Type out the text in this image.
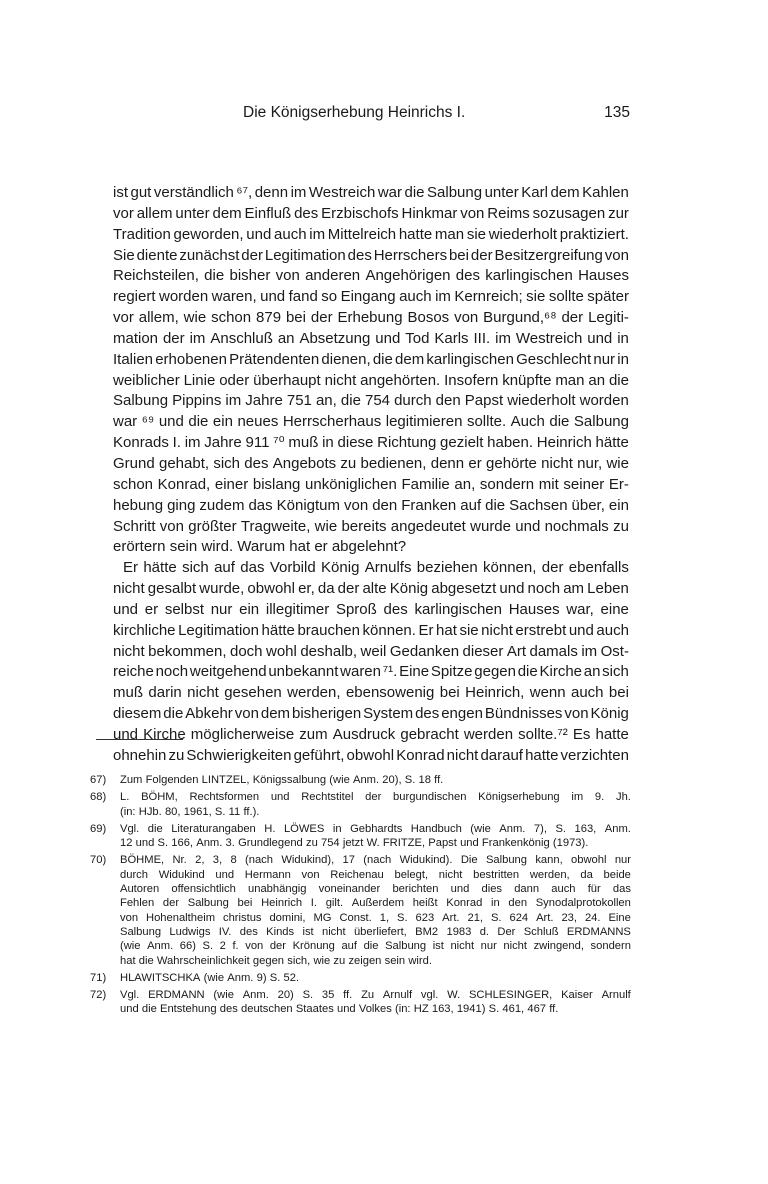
Die Königserhebung Heinrichs I.	135
ist gut verständlich ⁶⁷, denn im Westreich war die Salbung unter Karl dem Kahlen
vor allem unter dem Einfluß des Erzbischofs Hinkmar von Reims sozusagen zur
Tradition geworden, und auch im Mittelreich hatte man sie wiederholt praktiziert.
Sie diente zunächst der Legitimation des Herrschers bei der Besitzergreifung von
Reichsteilen, die bisher von anderen Angehörigen des karlingischen Hauses
regiert worden waren, und fand so Eingang auch im Kernreich; sie sollte später
vor allem, wie schon 879 bei der Erhebung Bosos von Burgund,⁶⁸ der Legiti-
mation der im Anschluß an Absetzung und Tod Karls III. im Westreich und in
Italien erhobenen Prätendenten dienen, die dem karlingischen Geschlecht nur in
weiblicher Linie oder überhaupt nicht angehörten. Insofern knüpfte man an die
Salbung Pippins im Jahre 751 an, die 754 durch den Papst wiederholt worden
war ⁶⁹ und die ein neues Herrscherhaus legitimieren sollte. Auch die Salbung
Konrads I. im Jahre 911 ⁷⁰ muß in diese Richtung gezielt haben. Heinrich hätte
Grund gehabt, sich des Angebots zu bedienen, denn er gehörte nicht nur, wie
schon Konrad, einer bislang unköniglichen Familie an, sondern mit seiner Er-
hebung ging zudem das Königtum von den Franken auf die Sachsen über, ein
Schritt von größter Tragweite, wie bereits angedeutet wurde und nochmals zu
erörtern sein wird. Warum hat er abgelehnt?
Er hätte sich auf das Vorbild König Arnulfs beziehen können, der ebenfalls
nicht gesalbt wurde, obwohl er, da der alte König abgesetzt und noch am Leben
und er selbst nur ein illegitimer Sproß des karlingischen Hauses war, eine
kirchliche Legitimation hätte brauchen können. Er hat sie nicht erstrebt und auch
nicht bekommen, doch wohl deshalb, weil Gedanken dieser Art damals im Ost-
reiche noch weitgehend unbekannt waren ⁷¹. Eine Spitze gegen die Kirche an sich
muß darin nicht gesehen werden, ebensowenig bei Heinrich, wenn auch bei
diesem die Abkehr von dem bisherigen System des engen Bündnisses von König
und Kirche möglicherweise zum Ausdruck gebracht werden sollte.⁷² Es hatte
ohnehin zu Schwierigkeiten geführt, obwohl Konrad nicht darauf hatte verzichten
67)	Zum Folgenden LINTZEL, Königssalbung (wie Anm. 20), S. 18 ff.
68)	L. BÖHM, Rechtsformen und Rechtstitel der burgundischen Königserhebung im 9. Jh.
(in: HJb. 80, 1961, S. 11 ff.).
69)	Vgl. die Literaturangaben H. LÖWES in Gebhardts Handbuch (wie Anm. 7), S. 163, Anm.
12 und S. 166, Anm. 3. Grundlegend zu 754 jetzt W. FRITZE, Papst und Frankenkönig (1973).
70)	BÖHME, Nr. 2, 3, 8 (nach Widukind), 17 (nach Widukind). Die Salbung kann, obwohl nur
durch Widukind und Hermann von Reichenau belegt, nicht bestritten werden, da beide
Autoren offensichtlich unabhängig voneinander berichten und dies dann auch für das
Fehlen der Salbung bei Heinrich I. gilt. Außerdem heißt Konrad in den Synodalprotokollen
von Hohenaltheim christus domini, MG Const. 1, S. 623 Art. 21, S. 624 Art. 23, 24. Eine
Salbung Ludwigs IV. des Kinds ist nicht überliefert, BM2 1983 d. Der Schluß ERDMANNS
(wie Anm. 66) S. 2 f. von der Krönung auf die Salbung ist nicht nur nicht zwingend, sondern
hat die Wahrscheinlichkeit gegen sich, wie zu zeigen sein wird.
71)	HLAWITSCHKA (wie Anm. 9) S. 52.
72)	Vgl. ERDMANN (wie Anm. 20) S. 35 ff. Zu Arnulf vgl. W. SCHLESINGER, Kaiser Arnulf
und die Entstehung des deutschen Staates und Volkes (in: HZ 163, 1941) S. 461, 467 ff.
